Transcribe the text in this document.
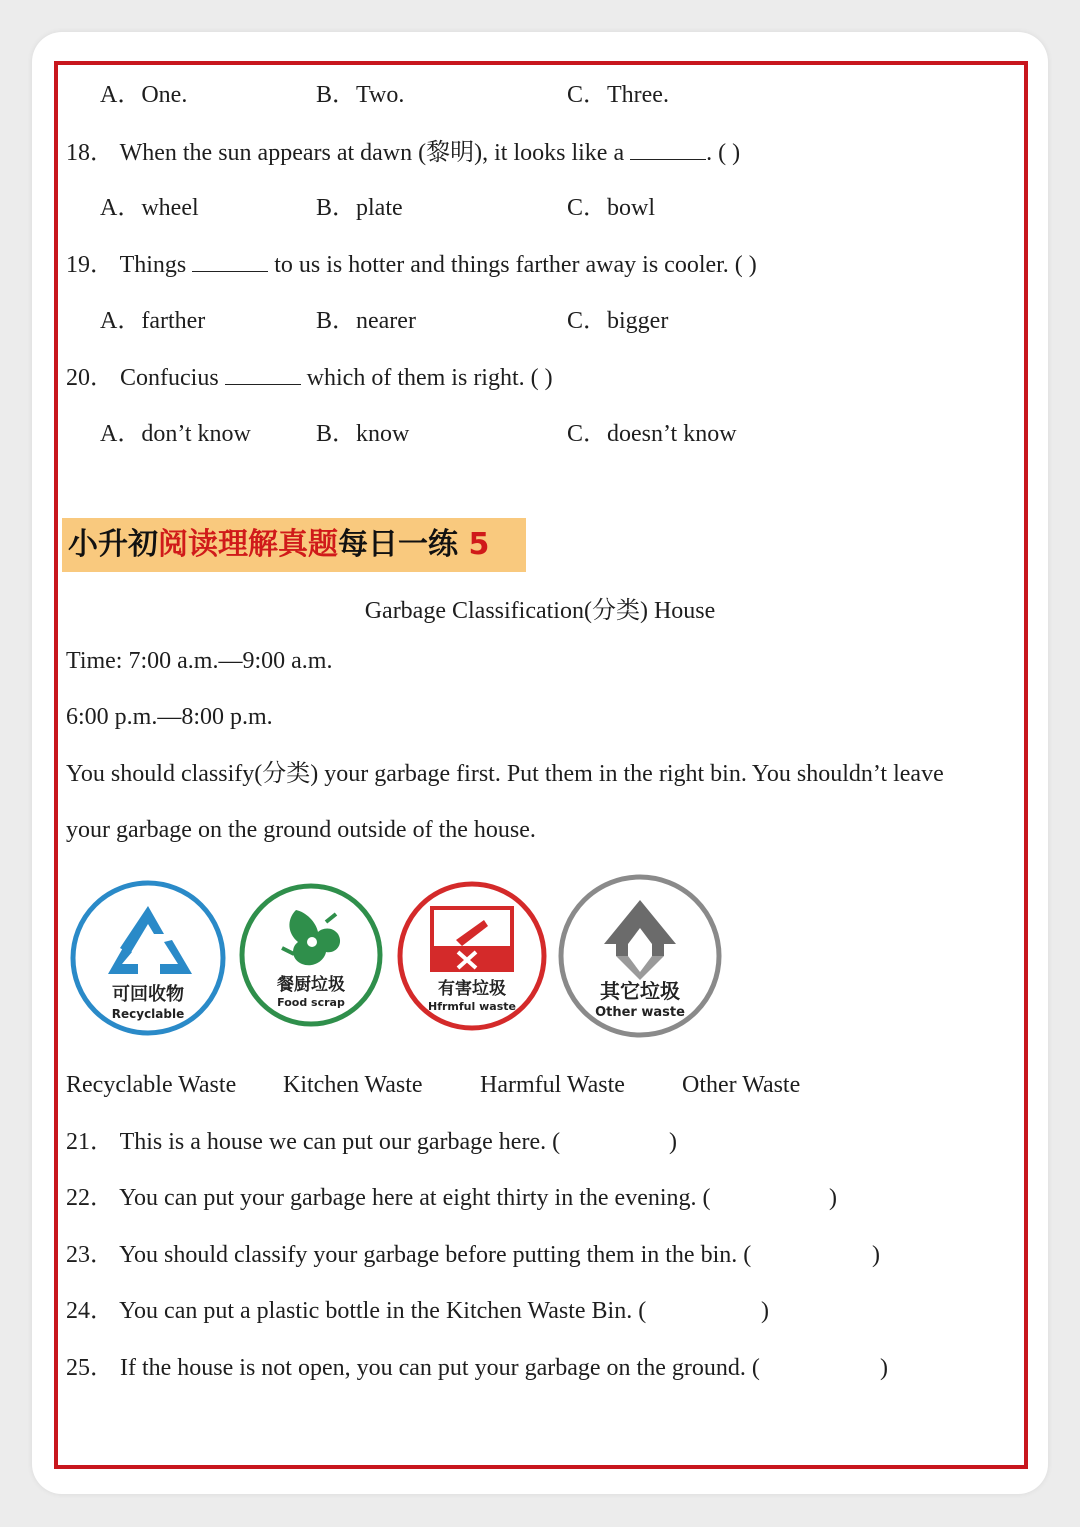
A．One.	B．Two.	C．Three.
18． When the sun appears at dawn (黎明), it looks like a	. ( )
A．wheel	B．plate	C．bowl
19． Things	to us is hotter and things farther away is cooler. ( )
A．farther	B．nearer	C．bigger
20． Confucius	which of them is right. ( )
A．don’t know	B．know	C．doesn’t know
小升初阅读理解真题每日一练 5
Garbage Classification(分类) House
Time: 7:00 a.m.—9:00 a.m.
6:00 p.m.—8:00 p.m.
You should classify(分类) your garbage first. Put them in the right bin. You shouldn’t leave
your garbage on the ground outside of the house.
可回收物
Recyclable
餐厨垃圾
Food scrap
有害垃圾
Hfrmful waste
其它垃圾
Other waste
Recyclable Waste Kitchen Waste Harmful Waste Other Waste
21． This is a house we can put our garbage here. (	)
22． You can put your garbage here at eight thirty in the evening. (	)
23． You should classify your garbage before putting them in the bin. (	)
24． You can put a plastic bottle in the Kitchen Waste Bin. (	)
25． If the house is not open, you can put your garbage on the ground. (	)
